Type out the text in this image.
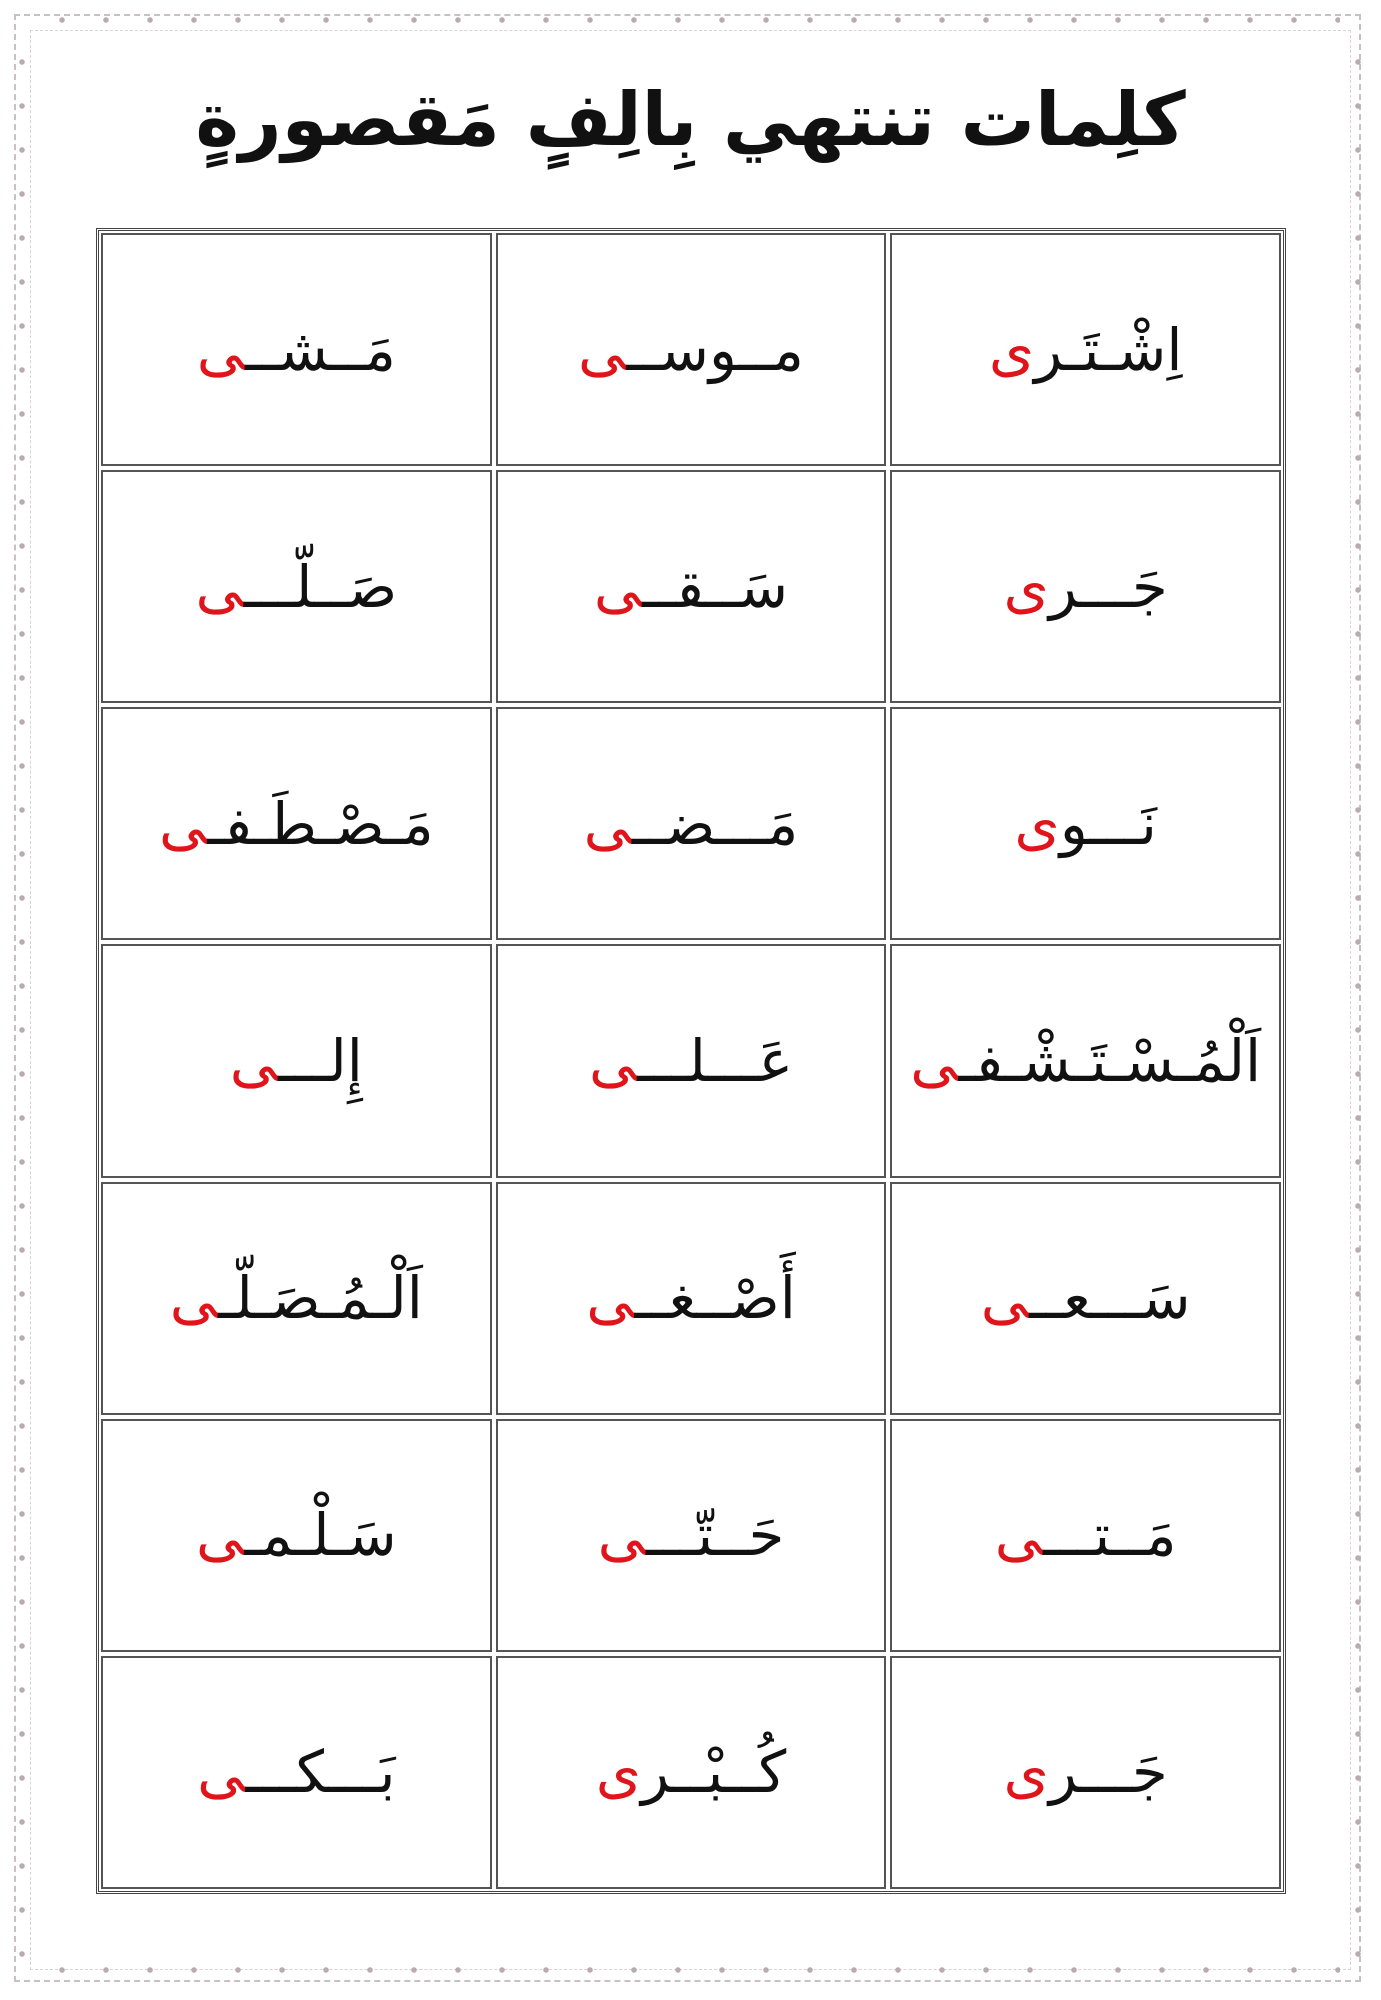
كلِمات تنتهي بِالِفٍ مَقصورةٍ
اِشْـتَـرى
مــوســى
مَــشــى
جَـــرى
سَــقــى
صَــلّـــى
نَـــوى
مَـــضــى
مَـصْـطَـفـى
اَلْمُـسْـتَـشْـفـى
عَـــلـــى
إِلـــى
سَـــعــى
أَصْــغــى
اَلْـمُـصَـلّـى
مَــتـــى
حَــتّـــى
سَـلْـمـى
جَـــرى
كُــبْــرى
بَـــكـــى
